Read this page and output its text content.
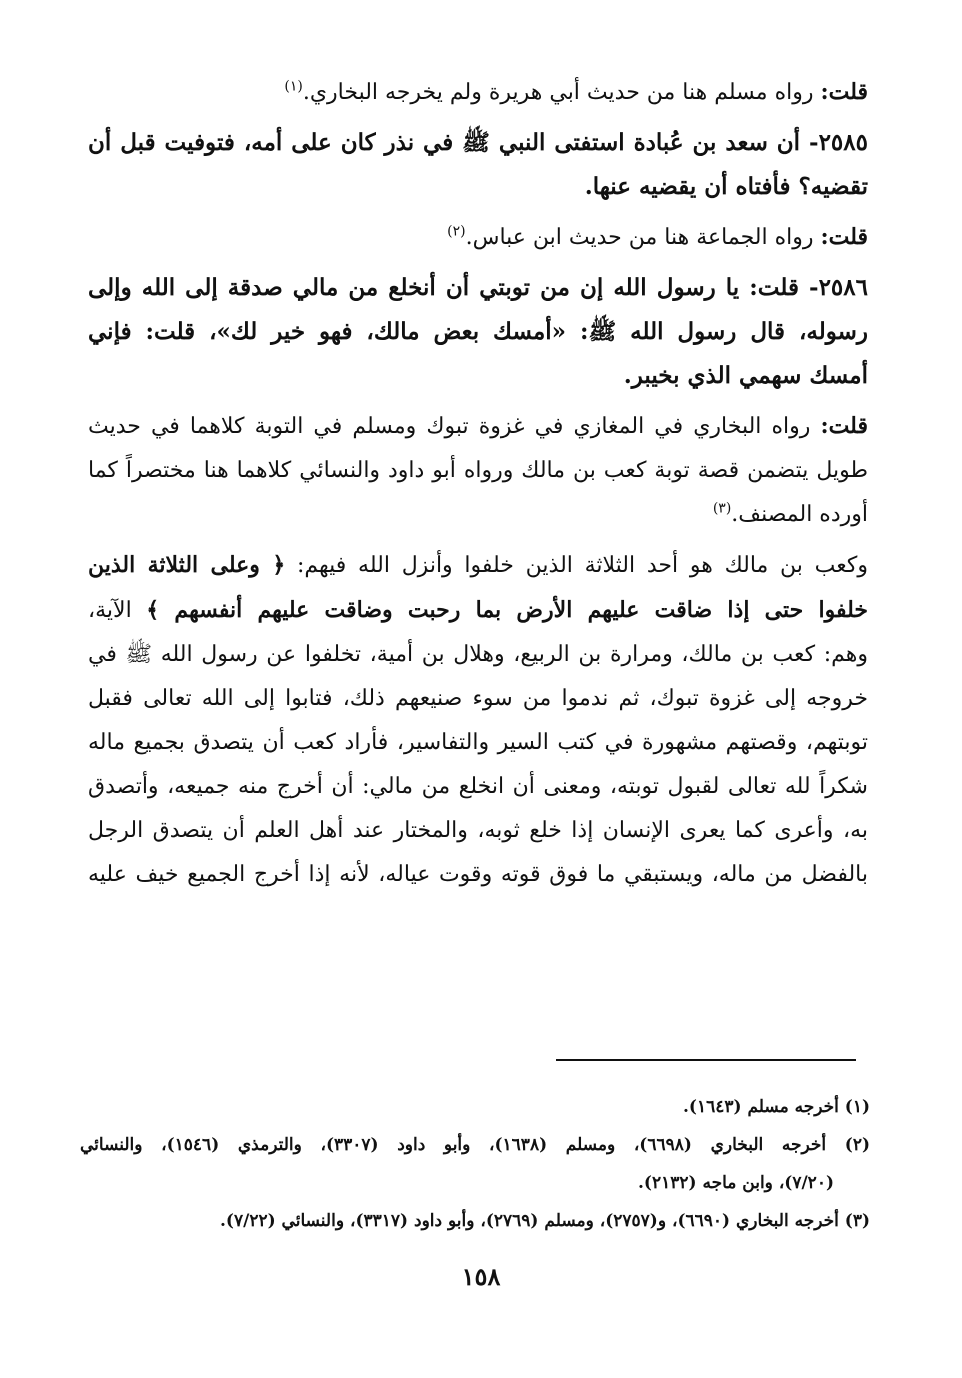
قلت: رواه مسلم هنا من حديث أبي هريرة ولم يخرجه البخاري.$^{(١)}$
٢٥٨٥- أن سعد بن عُبادة استفتى النبي ﷺ في نذر كان على أمه، فتوفيت قبل أن
تقضيه؟ فأفتاه أن يقضيه عنها.
قلت: رواه الجماعة هنا من حديث ابن عباس.$^{(٢)}$
٢٥٨٦- قلت: يا رسول الله إن من توبتي أن أنخلع من مالي صدقة إلى الله وإلى
رسوله، قال رسول الله ﷺ: «أمسك بعض مالك، فهو خير لك»، قلت: فإني
أمسك سهمي الذي بخيبر.
قلت: رواه البخاري في المغازي في غزوة تبوك ومسلم في التوبة كلاهما في حديث
طويل يتضمن قصة توبة كعب بن مالك ورواه أبو داود والنسائي كلاهما هنا مختصراً كما
أورده المصنف.$^{(٣)}$
وكعب بن مالك هو أحد الثلاثة الذين خلفوا وأنزل الله فيهم: ﴿ وعلى الثلاثة الذين
خلفوا حتى إذا ضاقت عليهم الأرض بما رحبت وضاقت عليهم أنفسهم ﴾ الآية،
وهم: كعب بن مالك، ومرارة بن الربيع، وهلال بن أمية، تخلفوا عن رسول الله ﷺ في
خروجه إلى غزوة تبوك، ثم ندموا من سوء صنيعهم ذلك، فتابوا إلى الله تعالى فقبل
توبتهم، وقصتهم مشهورة في كتب السير والتفاسير، فأراد كعب أن يتصدق بجميع ماله
شكراً لله تعالى لقبول توبته، ومعنى أن انخلع من مالي: أن أخرج منه جميعه، وأتصدق
به، وأعرى كما يعرى الإنسان إذا خلع ثوبه، والمختار عند أهل العلم أن يتصدق الرجل
بالفضل من ماله، ويستبقي ما فوق قوته وقوت عياله، لأنه إذا أخرج الجميع خيف عليه
(١) أخرجه مسلم (١٦٤٣).
(٢) أخرجه البخاري (٦٦٩٨)، ومسلم (١٦٣٨)، وأبو داود (٣٣٠٧)، والترمذي (١٥٤٦)، والنسائي
(٧/٢٠)، وابن ماجه (٢١٣٢).
(٣) أخرجه البخاري (٦٦٩٠)، و(٢٧٥٧)، ومسلم (٢٧٦٩)، وأبو داود (٣٣١٧)، والنسائي (٧/٢٢).
١٥٨
